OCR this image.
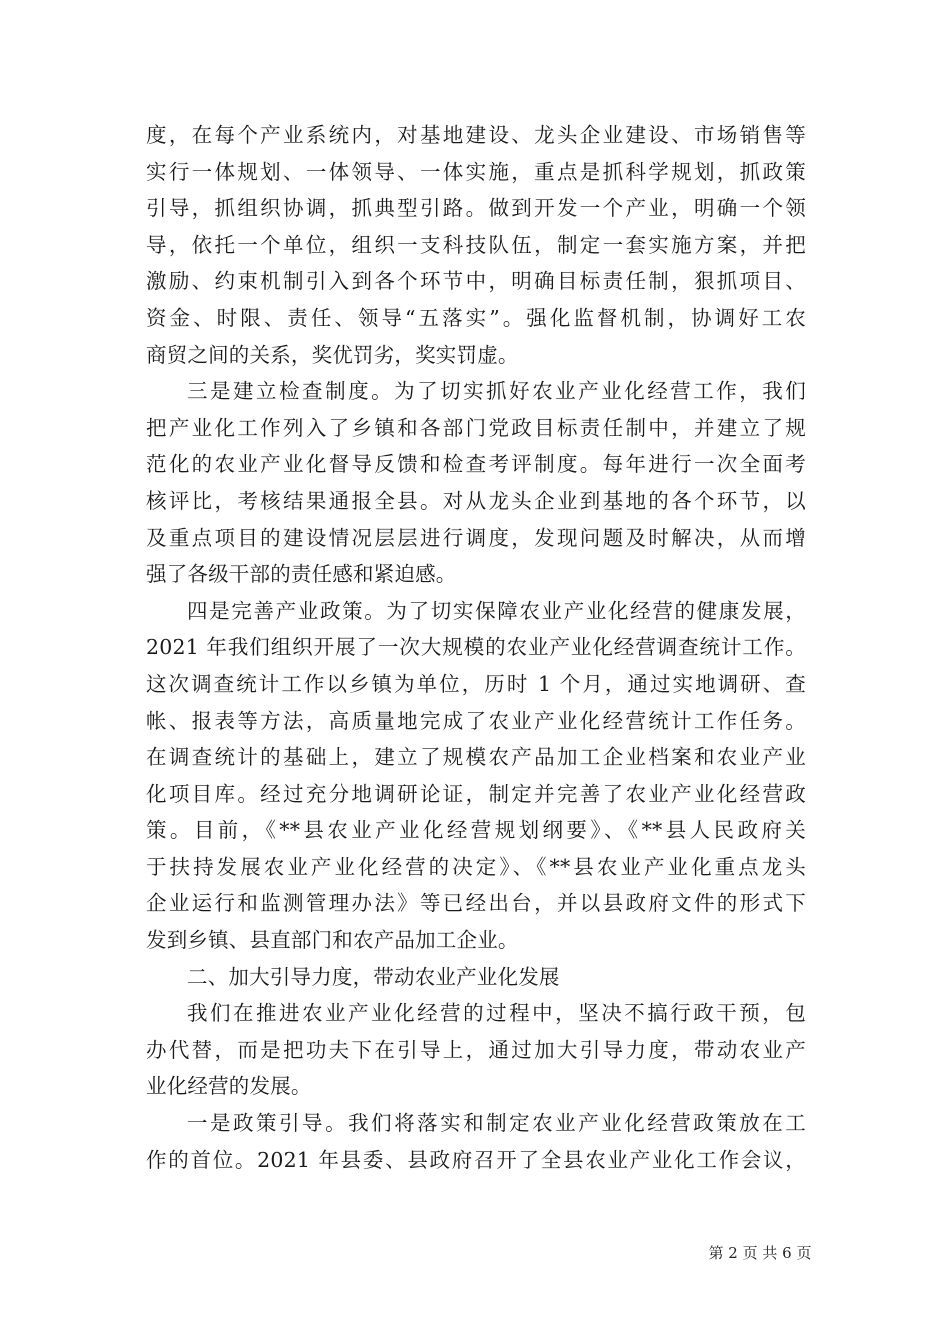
度，在每个产业系统内，对基地建设、龙头企业建设、市场销售等
实行一体规划、一体领导、一体实施，重点是抓科学规划，抓政策
引导，抓组织协调，抓典型引路。做到开发一个产业，明确一个领
导，依托一个单位，组织一支科技队伍，制定一套实施方案，并把
激励、约束机制引入到各个环节中，明确目标责任制，狠抓项目、
资金、时限、责任、领导“五落实”。强化监督机制，协调好工农
商贸之间的关系，奖优罚劣，奖实罚虚。
三是建立检查制度。为了切实抓好农业产业化经营工作，我们
把产业化工作列入了乡镇和各部门党政目标责任制中，并建立了规
范化的农业产业化督导反馈和检查考评制度。每年进行一次全面考
核评比，考核结果通报全县。对从龙头企业到基地的各个环节，以
及重点项目的建设情况层层进行调度，发现问题及时解决，从而增
强了各级干部的责任感和紧迫感。
四是完善产业政策。为了切实保障农业产业化经营的健康发展，
2021 年我们组织开展了一次大规模的农业产业化经营调查统计工作。
这次调查统计工作以乡镇为单位，历时 1 个月，通过实地调研、查
帐、报表等方法，高质量地完成了农业产业化经营统计工作任务。
在调查统计的基础上，建立了规模农产品加工企业档案和农业产业
化项目库。经过充分地调研论证，制定并完善了农业产业化经营政
策。目前，《**县农业产业化经营规划纲要》、《**县人民政府关
于扶持发展农业产业化经营的决定》、《**县农业产业化重点龙头
企业运行和监测管理办法》等已经出台，并以县政府文件的形式下
发到乡镇、县直部门和农产品加工企业。
二、加大引导力度，带动农业产业化发展
我们在推进农业产业化经营的过程中，坚决不搞行政干预，包
办代替，而是把功夫下在引导上，通过加大引导力度，带动农业产
业化经营的发展。
一是政策引导。我们将落实和制定农业产业化经营政策放在工
作的首位。2021 年县委、县政府召开了全县农业产业化工作会议，
第 2 页 共 6 页
